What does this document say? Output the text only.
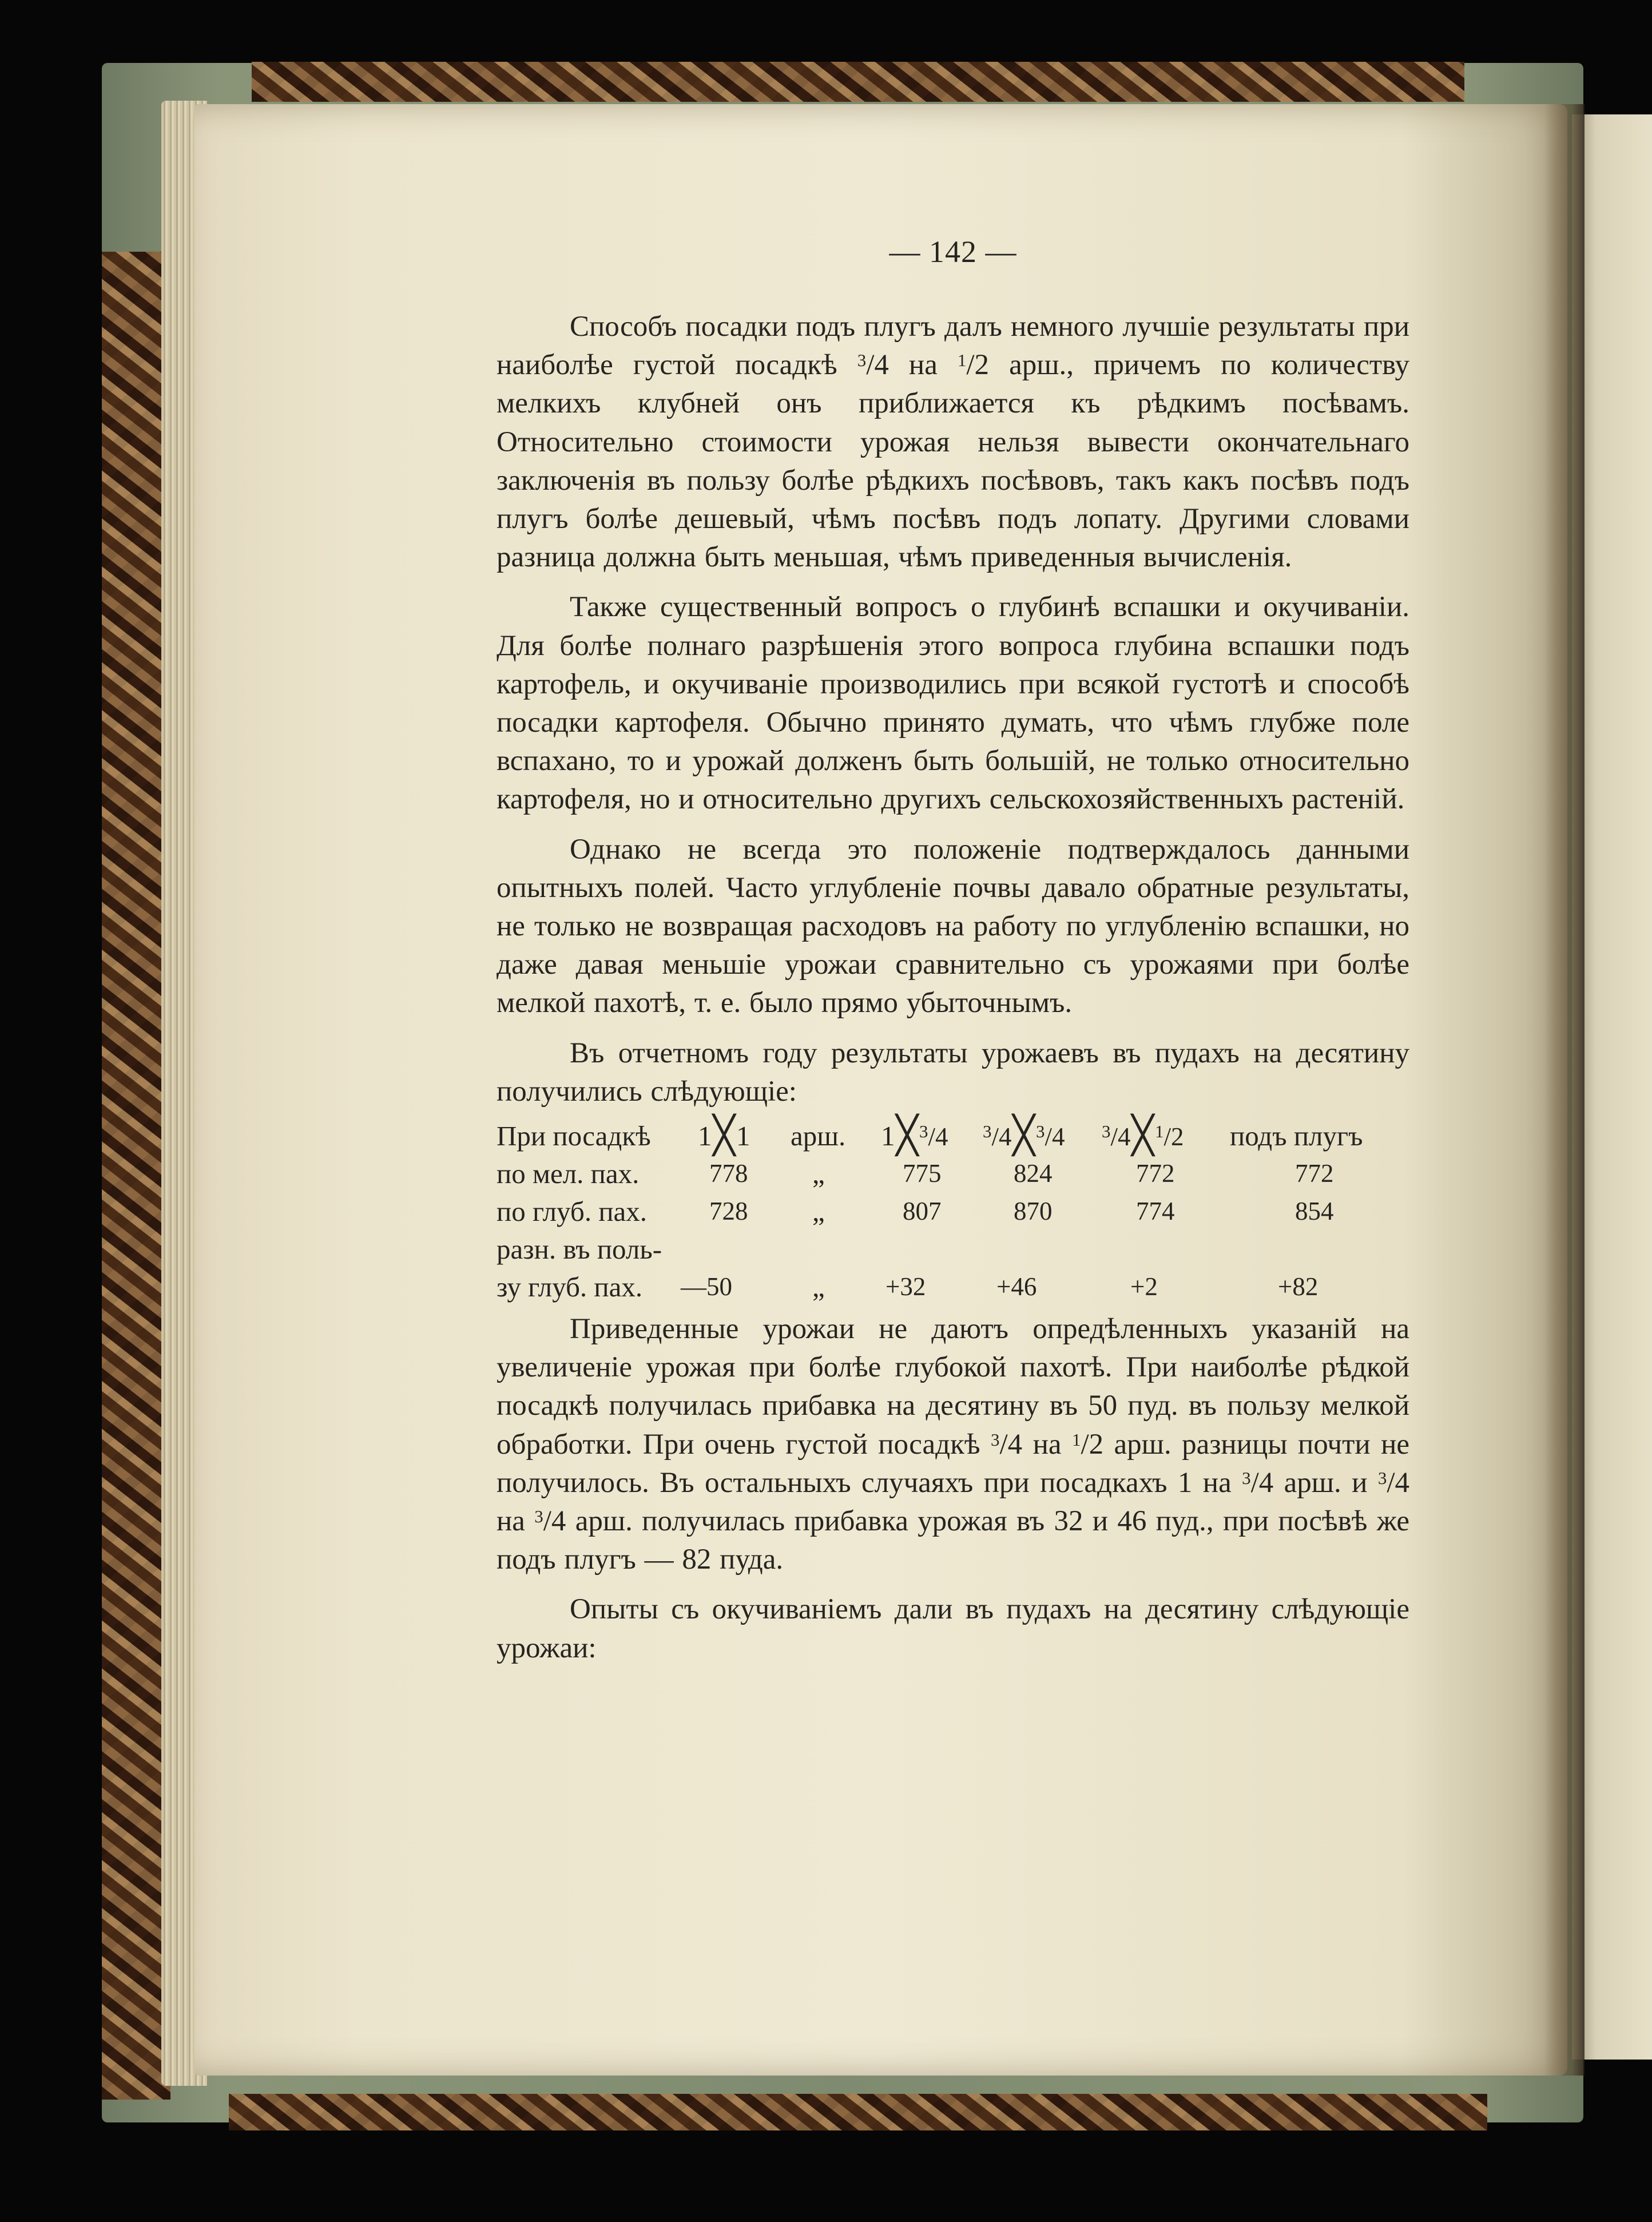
— 142 —

Способъ посадки подъ плугъ далъ немного лучшiе результаты при наиболѣе густой посадкѣ $^3$/4 на $^1$/2 арш., причемъ по количеству мелкихъ клубней онъ приближается къ рѣдкимъ посѣвамъ. Относительно стоимости урожая нельзя вывести окончательнаго заключенiя въ пользу болѣе рѣдкихъ посѣвовъ, такъ какъ посѣвъ подъ плугъ болѣе дешевый, чѣмъ посѣвъ подъ лопату. Другими словами разница должна быть меньшая, чѣмъ приведенныя вычисленiя.

Также существенный вопросъ о глубинѣ вспашки и окучиванiи. Для болѣе полнаго разрѣшенiя этого вопроса глубина вспашки подъ картофель, и окучиванiе производились при всякой густотѣ и способѣ посадки картофеля. Обычно принято думать, что чѣмъ глубже поле вспахано, то и урожай долженъ быть большiй, не только относительно картофеля, но и относительно другихъ сельскохозяйственныхъ растенiй.

Однако не всегда это положенiе подтверждалось данными опытныхъ полей. Часто углубленiе почвы давало обратные результаты, не только не возвращая расходовъ на работу по углубленiю вспашки, но даже давая меньшiе урожаи сравнительно съ урожаями при болѣе мелкой пахотѣ, т. е. было прямо убыточнымъ.

Въ отчетномъ году результаты урожаевъ въ пудахъ на десятину получились слѣдующiе:

При посадкѣ 1╳1 арш. 1╳$^3$/4 $^3$/4╳$^3$/4 $^3$/4╳$^1$/2 подъ плугъ
по мел. пах.	778 „	775	824	772	772
по глуб. пах. 728 „	807	870	774	854
разн. въ поль-
зу глуб. пах. —50	„ +32	+46	+2	+82

Приведенные урожаи не даютъ опредѣленныхъ указанiй на увеличенiе урожая при болѣе глубокой пахотѣ. При наиболѣе рѣдкой посадкѣ получилась прибавка на десятину въ 50 пуд. въ пользу мелкой обработки. При очень густой посадкѣ $^3$/4 на $^1$/2 арш. разницы почти не получилось. Въ остальныхъ случаяхъ при посадкахъ 1 на $^3$/4 арш. и $^3$/4 на $^3$/4 арш. получилась прибавка урожая въ 32 и 46 пуд., при посѣвѣ же подъ плугъ — 82 пуда.

Опыты съ окучиванiемъ дали въ пудахъ на десятину слѣдующiе урожаи:
